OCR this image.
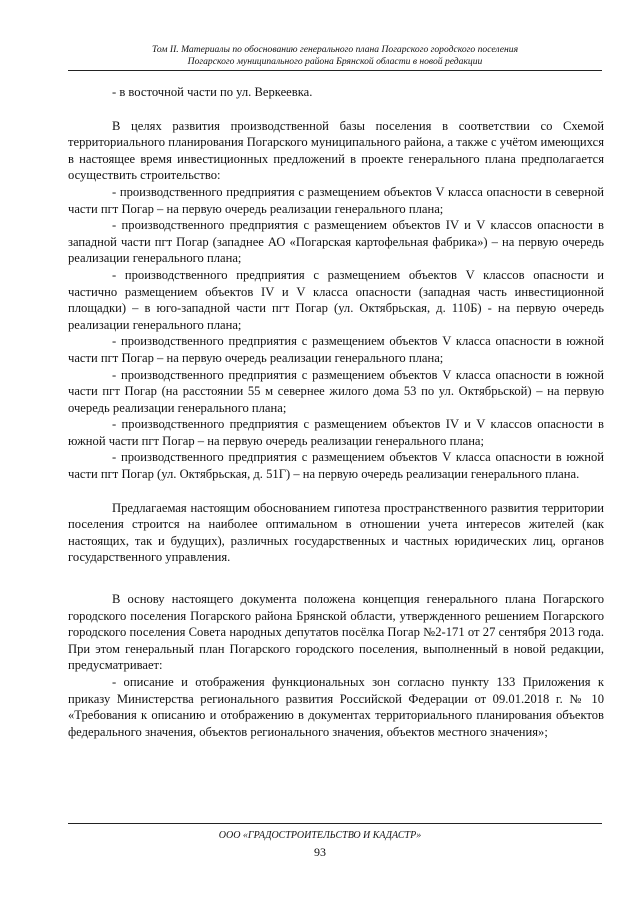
Том II. Материалы по обоснованию генерального плана Погарского городского поселения
Погарского муниципального района Брянской области в новой редакции

- в восточной части по ул. Веркеевка.

В целях развития производственной базы поселения в соответствии со Схемой территориального планирования Погарского муниципального района, а также с учётом имеющихся в настоящее время инвестиционных предложений в проекте генерального плана предполагается осуществить строительство:

- производственного предприятия с размещением объектов V класса опасности в северной части пгт Погар – на первую очередь реализации генерального плана;

- производственного предприятия с размещением объектов IV и V классов опасности в западной части пгт Погар (западнее АО «Погарская картофельная фабрика») – на первую очередь реализации генерального плана;

- производственного предприятия с размещением объектов V классов опасности и частично размещением объектов IV и V класса опасности (западная часть инвестиционной площадки) – в юго-западной части пгт Погар (ул. Октябрьская, д. 110Б) - на первую очередь реализации генерального плана;

- производственного предприятия с размещением объектов V класса опасности в южной части пгт Погар – на первую очередь реализации генерального плана;

- производственного предприятия с размещением объектов V класса опасности в южной части пгт Погар (на расстоянии 55 м севернее жилого дома 53 по ул. Октябрьской) – на первую очередь реализации генерального плана;

- производственного предприятия с размещением объектов IV и V классов опасности в южной части пгт Погар – на первую очередь реализации генерального плана;

- производственного предприятия с размещением объектов V класса опасности в южной части пгт Погар (ул. Октябрьская, д. 51Г) – на первую очередь реализации генерального плана.

Предлагаемая настоящим обоснованием гипотеза пространственного развития территории поселения строится на наиболее оптимальном в отношении учета интересов жителей (как настоящих, так и будущих), различных государственных и частных юридических лиц, органов государственного управления.

В основу настоящего документа положена концепция генерального плана Погарского городского поселения Погарского района Брянской области, утвержденного решением Погарского городского поселения Совета народных депутатов посёлка Погар №2-171 от 27 сентября 2013 года. При этом генеральный план Погарского городского поселения, выполненный в новой редакции, предусматривает:

- описание и отображения функциональных зон согласно пункту 133 Приложения к приказу Министерства регионального развития Российской Федерации от 09.01.2018 г. № 10 «Требования к описанию и отображению в документах территориального планирования объектов федерального значения, объектов регионального значения, объектов местного значения»;

ООО «ГРАДОСТРОИТЕЛЬСТВО И КАДАСТР»
93
